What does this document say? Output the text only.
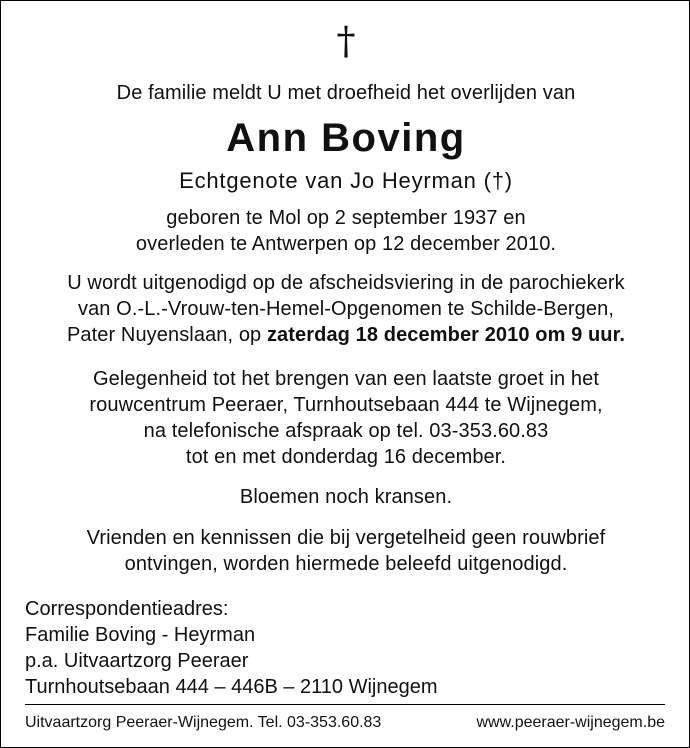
†
De familie meldt U met droefheid het overlijden van
Ann Boving
Echtgenote van Jo Heyrman (†)
geboren te Mol op 2 september 1937 en
overleden te Antwerpen op 12 december 2010.
U wordt uitgenodigd op de afscheidsviering in de parochiekerk
van O.-L.-Vrouw-ten-Hemel-Opgenomen te Schilde-Bergen,
Pater Nuyenslaan, op zaterdag 18 december 2010 om 9 uur.
Gelegenheid tot het brengen van een laatste groet in het
rouwcentrum Peeraer, Turnhoutsebaan 444 te Wijnegem,
na telefonische afspraak op tel. 03-353.60.83
tot en met donderdag 16 december.
Bloemen noch kransen.
Vrienden en kennissen die bij vergetelheid geen rouwbrief
ontvingen, worden hiermede beleefd uitgenodigd.
Correspondentieadres:
Familie Boving - Heyrman
p.a. Uitvaartzorg Peeraer
Turnhoutsebaan 444 – 446B – 2110 Wijnegem
Uitvaartzorg Peeraer-Wijnegem. Tel. 03-353.60.83	www.peeraer-wijnegem.be
